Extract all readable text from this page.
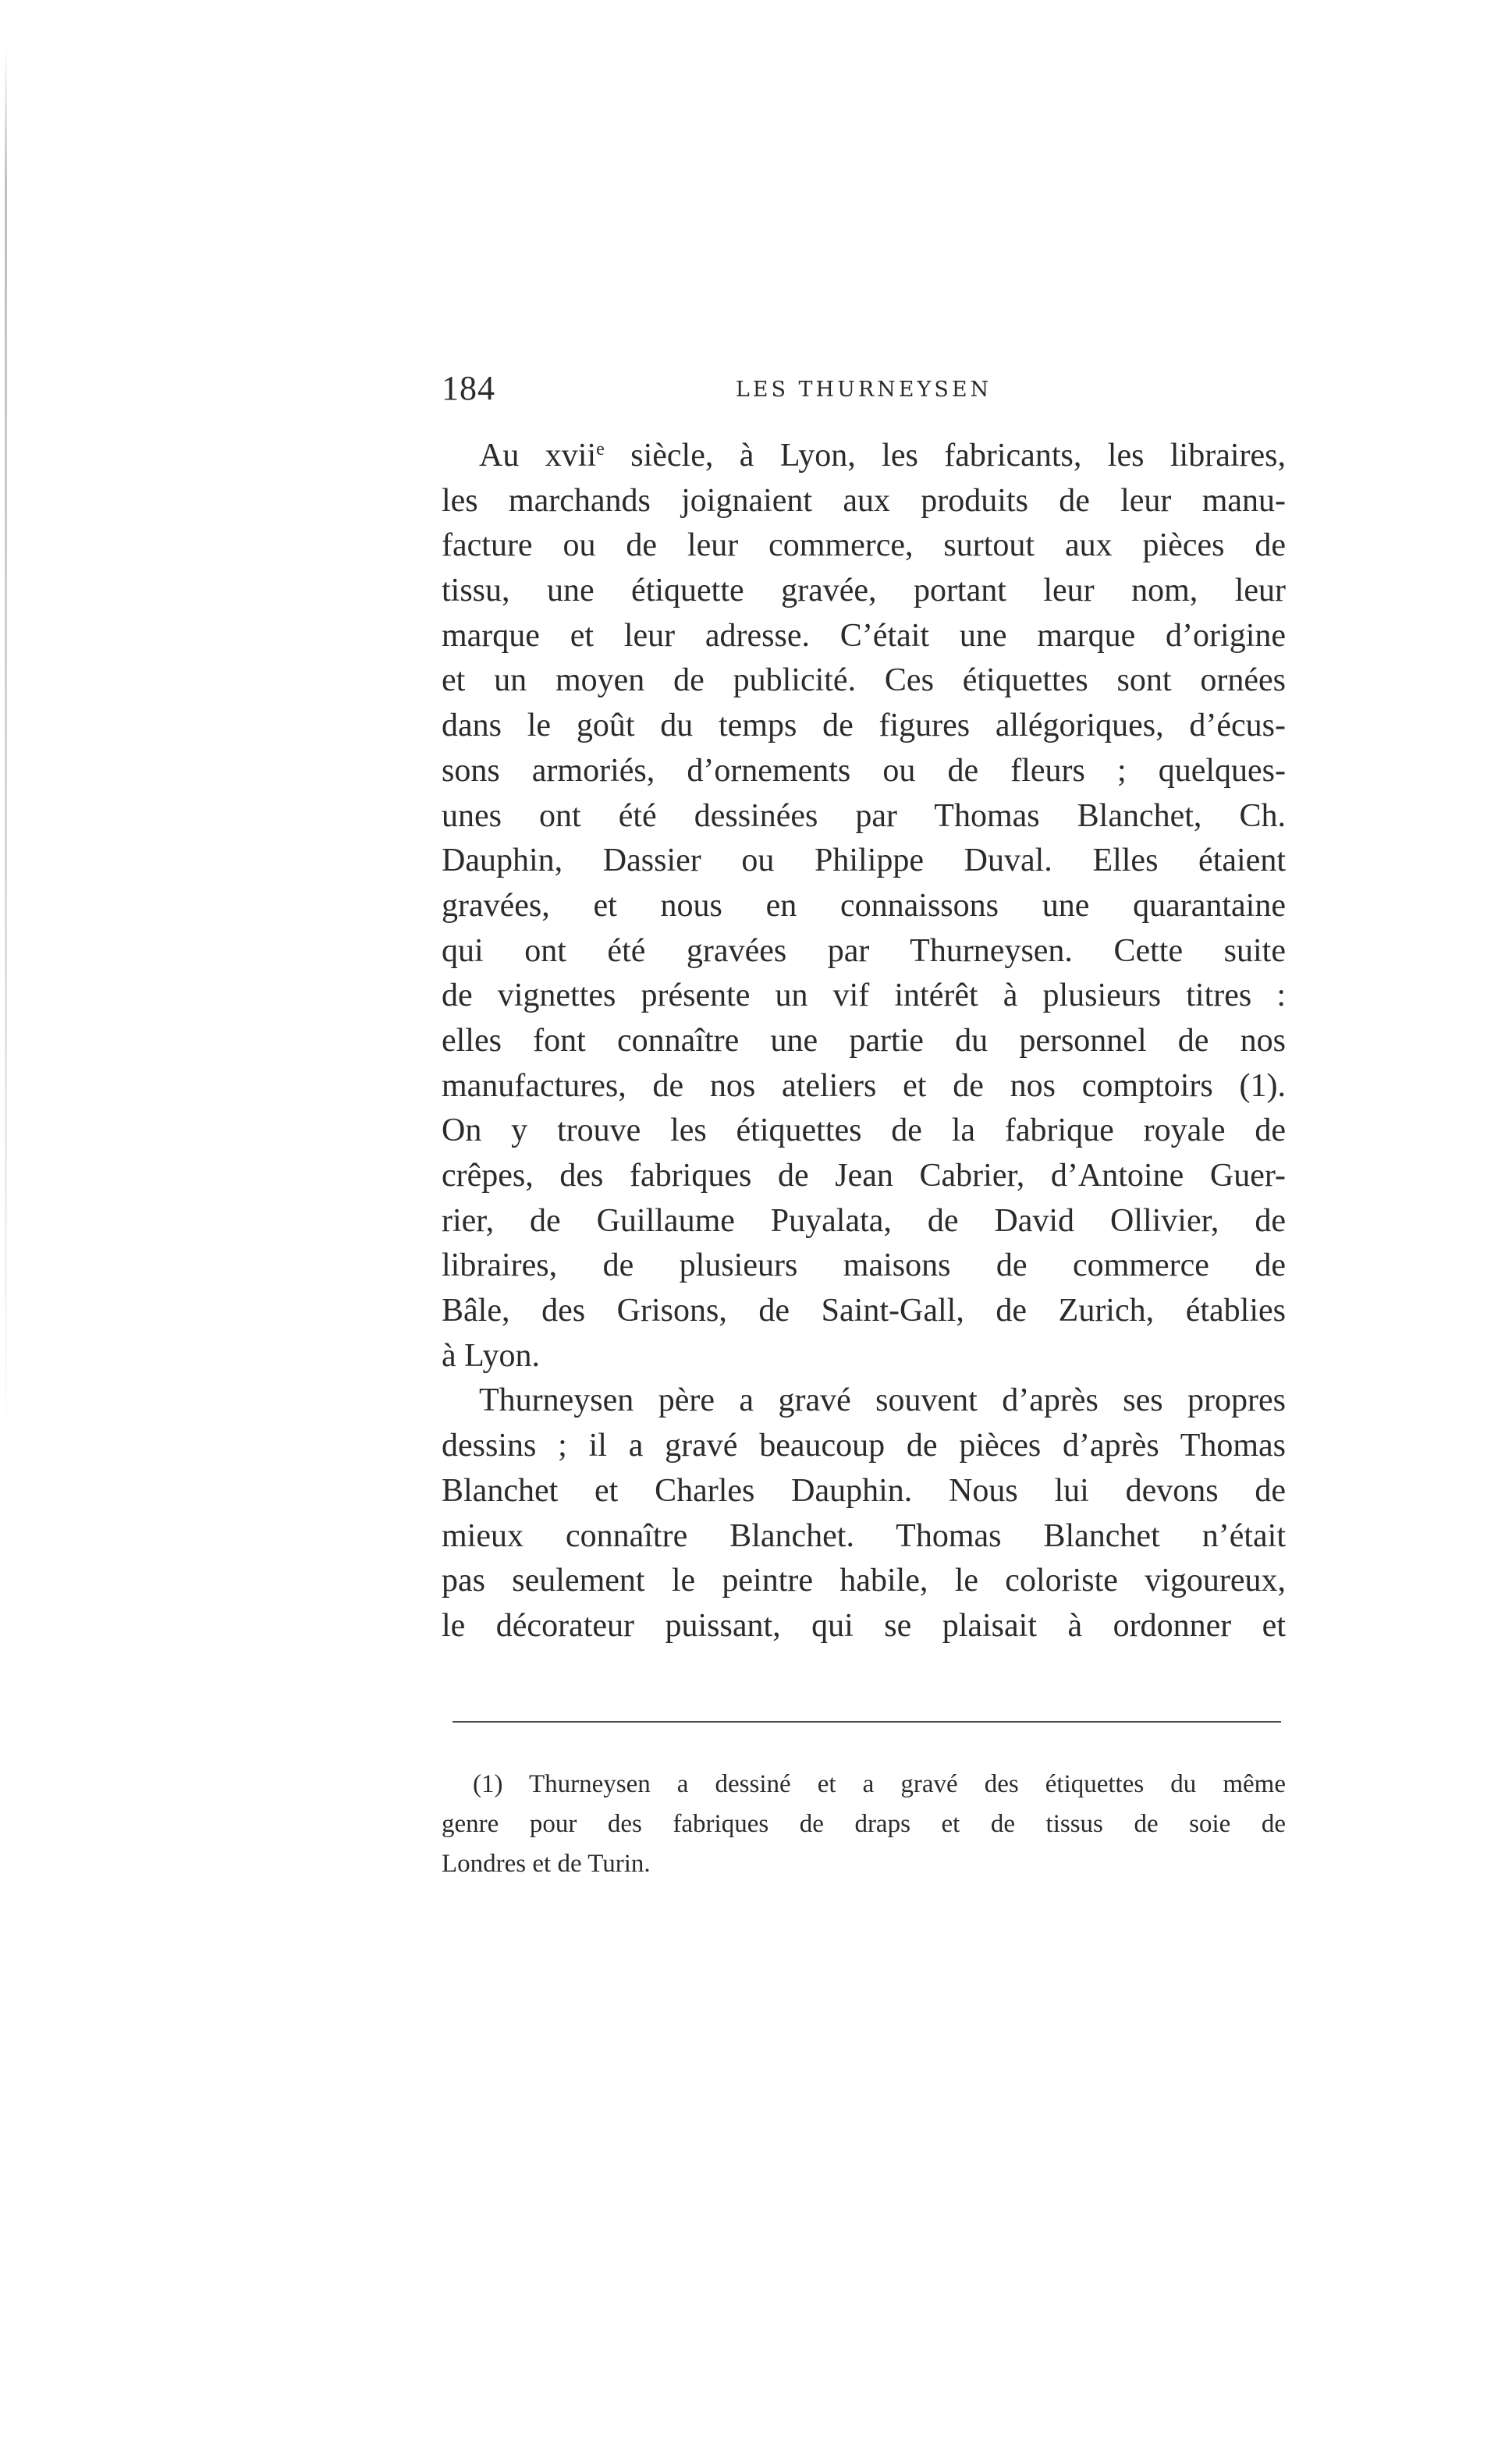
184	LES THURNEYSEN
Au xvii$^e$ siècle, à Lyon, les fabricants, les libraires,
les marchands joignaient aux produits de leur manu-
facture ou de leur commerce, surtout aux pièces de
tissu, une étiquette gravée, portant leur nom, leur
marque et leur adresse. C’était une marque d’origine
et un moyen de publicité. Ces étiquettes sont ornées
dans le goût du temps de figures allégoriques, d’écus-
sons armoriés, d’ornements ou de fleurs ; quelques-
unes ont été dessinées par Thomas Blanchet, Ch.
Dauphin, Dassier ou Philippe Duval. Elles étaient
gravées, et nous en connaissons une quarantaine
qui ont été gravées par Thurneysen. Cette suite
de vignettes présente un vif intérêt à plusieurs titres :
elles font connaître une partie du personnel de nos
manufactures, de nos ateliers et de nos comptoirs (1).
On y trouve les étiquettes de la fabrique royale de
crêpes, des fabriques de Jean Cabrier, d’Antoine Guer-
rier, de Guillaume Puyalata, de David Ollivier, de
libraires, de plusieurs maisons de commerce de
Bâle, des Grisons, de Saint-Gall, de Zurich, établies
à Lyon.
Thurneysen père a gravé souvent d’après ses propres
dessins ; il a gravé beaucoup de pièces d’après Thomas
Blanchet et Charles Dauphin. Nous lui devons de
mieux connaître Blanchet. Thomas Blanchet n’était
pas seulement le peintre habile, le coloriste vigoureux,
le décorateur puissant, qui se plaisait à ordonner et
(1) Thurneysen a dessiné et a gravé des étiquettes du même
genre pour des fabriques de draps et de tissus de soie de
Londres et de Turin.
